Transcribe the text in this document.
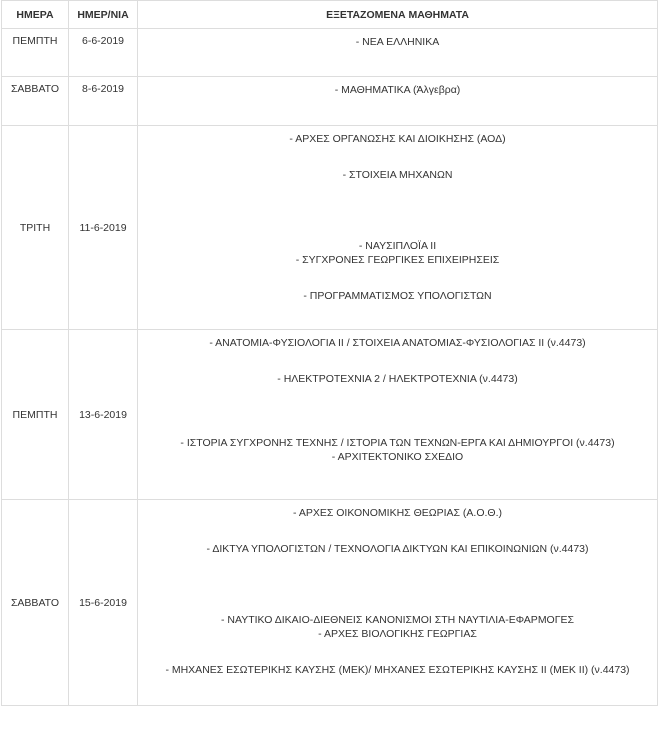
ΗΜΕΡΑ	ΗΜΕΡ/ΝΙΑ	ΕΞΕΤΑΖΟΜΕΝΑ ΜΑΘΗΜΑΤΑ
ΠΕΜΠΤΗ	6-6-2019	- ΝΕΑ ΕΛΛΗΝΙΚΑ

ΣΑΒΒΑΤΟ	8-6-2019	- ΜΑΘΗΜΑΤΙΚΑ (Άλγεβρα)

ΤΡΙΤΗ	11-6-2019	- ΑΡΧΕΣ ΟΡΓΑΝΩΣΗΣ ΚΑΙ ΔΙΟΙΚΗΣΗΣ (ΑΟΔ)
- ΣΤΟΙΧΕΙΑ ΜΗΧΑΝΩΝ
- ΝΑΥΣΙΠΛΟΪΑ ΙΙ
- ΣΥΓΧΡΟΝΕΣ ΓΕΩΡΓΙΚΕΣ ΕΠΙΧΕΙΡΗΣΕΙΣ
- ΠΡΟΓΡΑΜΜΑΤΙΣΜΟΣ ΥΠΟΛΟΓΙΣΤΩΝ

ΠΕΜΠΤΗ	13-6-2019	- ΑΝΑΤΟΜΙΑ-ΦΥΣΙΟΛΟΓΙΑ ΙΙ / ΣΤΟΙΧΕΙΑ ΑΝΑΤΟΜΙΑΣ-ΦΥΣΙΟΛΟΓΙΑΣ ΙΙ (ν.4473)
- ΗΛΕΚΤΡΟΤΕΧΝΙΑ 2 / ΗΛΕΚΤΡΟΤΕΧΝΙΑ (ν.4473)
- ΙΣΤΟΡΙΑ ΣΥΓΧΡΟΝΗΣ ΤΕΧΝΗΣ / ΙΣΤΟΡΙΑ ΤΩΝ ΤΕΧΝΩΝ-ΕΡΓΑ ΚΑΙ ΔΗΜΙΟΥΡΓΟΙ (ν.4473)
- ΑΡΧΙΤΕΚΤΟΝΙΚΟ ΣΧΕΔΙΟ

ΣΑΒΒΑΤΟ	15-6-2019	- ΑΡΧΕΣ ΟΙΚΟΝΟΜΙΚΗΣ ΘΕΩΡΙΑΣ (Α.Ο.Θ.)
- ΔΙΚΤΥΑ ΥΠΟΛΟΓΙΣΤΩΝ / ΤΕΧΝΟΛΟΓΙΑ ΔΙΚΤΥΩΝ ΚΑΙ ΕΠΙΚΟΙΝΩΝΙΩΝ (ν.4473)
- ΝΑΥΤΙΚΟ ΔΙΚΑΙΟ-ΔΙΕΘΝΕΙΣ ΚΑΝΟΝΙΣΜΟΙ ΣΤΗ ΝΑΥΤΙΛΙΑ-ΕΦΑΡΜΟΓΕΣ
- ΑΡΧΕΣ ΒΙΟΛΟΓΙΚΗΣ ΓΕΩΡΓΙΑΣ
- ΜΗΧΑΝΕΣ ΕΣΩΤΕΡΙΚΗΣ ΚΑΥΣΗΣ (ΜΕΚ)/ ΜΗΧΑΝΕΣ ΕΣΩΤΕΡΙΚΗΣ ΚΑΥΣΗΣ ΙΙ (ΜΕΚ ΙΙ) (ν.4473)
